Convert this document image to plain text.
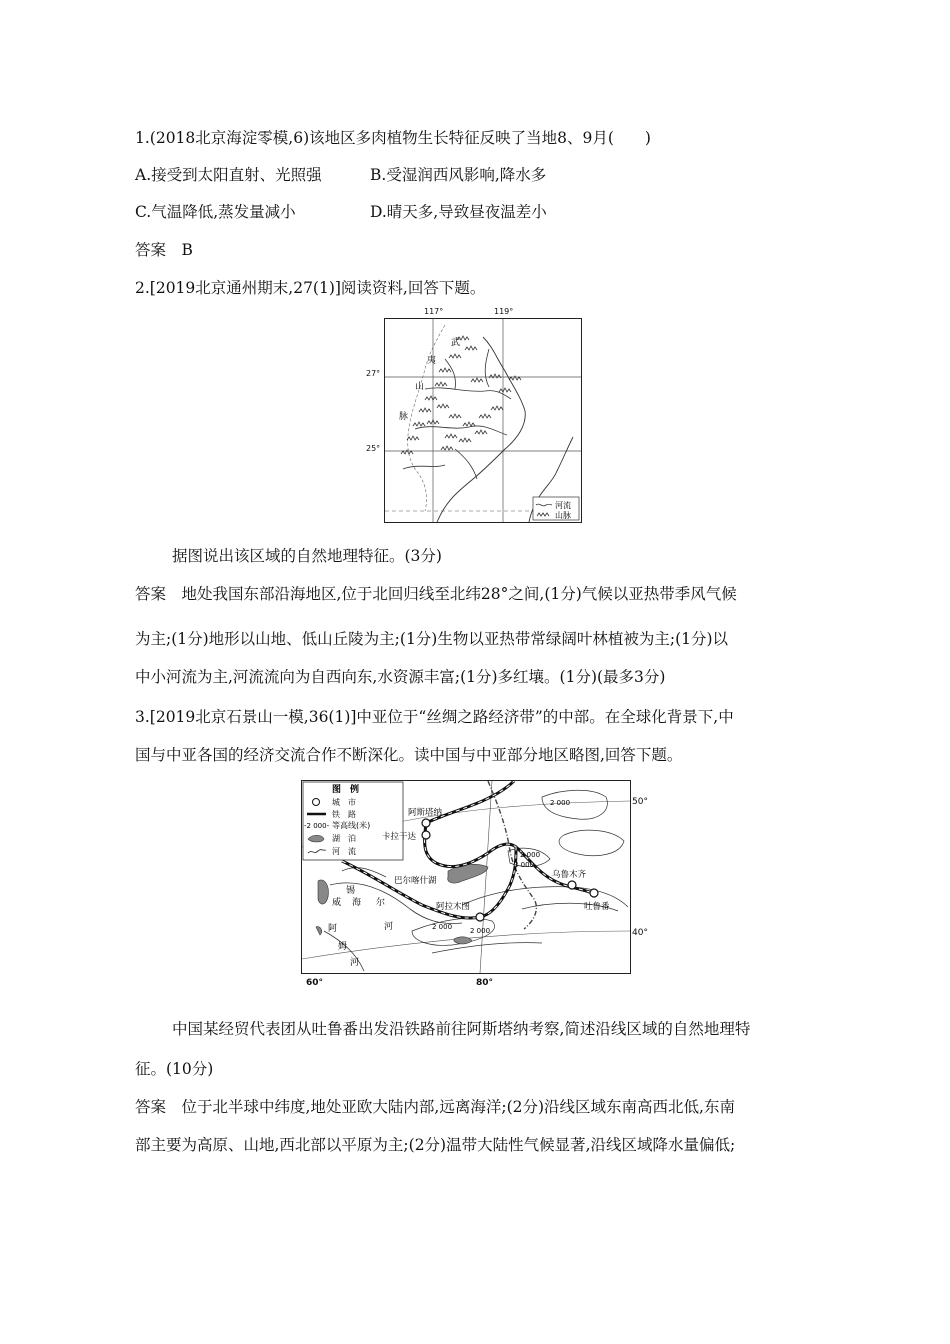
1.(2018北京海淀零模,6)该地区多肉植物生长特征反映了当地8、9月(　　)
A.接受到太阳直射、光照强	B.受湿润西风影响,降水多
C.气温降低,蒸发量减小	D.晴天多,导致昼夜温差小
答案　B
2.[2019北京通州期末,27(1)]阅读资料,回答下题。
武
夷
山
脉
河流
山脉
117°	119°
27°
25°
据图说出该区域的自然地理特征。(3分)
答案　地处我国东部沿海地区,位于北回归线至北纬28°之间,(1分)气候以亚热带季风气候
为主;(1分)地形以山地、低山丘陵为主;(1分)生物以亚热带常绿阔叶林植被为主;(1分)以
中小河流为主,河流流向为自西向东,水资源丰富;(1分)多红壤。(1分)(最多3分)
3.[2019北京石景山一模,36(1)]中亚位于“丝绸之路经济带”的中部。在全球化背景下,中
国与中亚各国的经济交流合作不断深化。读中国与中亚部分地区略图,回答下题。
图　例
城　市
铁　路
-2 000- 等高线(米)
湖　泊
河　流
阿斯塔纳
卡拉干达
巴尔喀什湖
阿拉木图
乌鲁木齐
吐鲁番
锡
尔
河
威 海
阿
姆
河
2 000
2 000
3 000
2 000	2 000
50°
40°
60°	80°
中国某经贸代表团从吐鲁番出发沿铁路前往阿斯塔纳考察,简述沿线区域的自然地理特
征。(10分)
答案　位于北半球中纬度,地处亚欧大陆内部,远离海洋;(2分)沿线区域东南高西北低,东南
部主要为高原、山地,西北部以平原为主;(2分)温带大陆性气候显著,沿线区域降水量偏低;
